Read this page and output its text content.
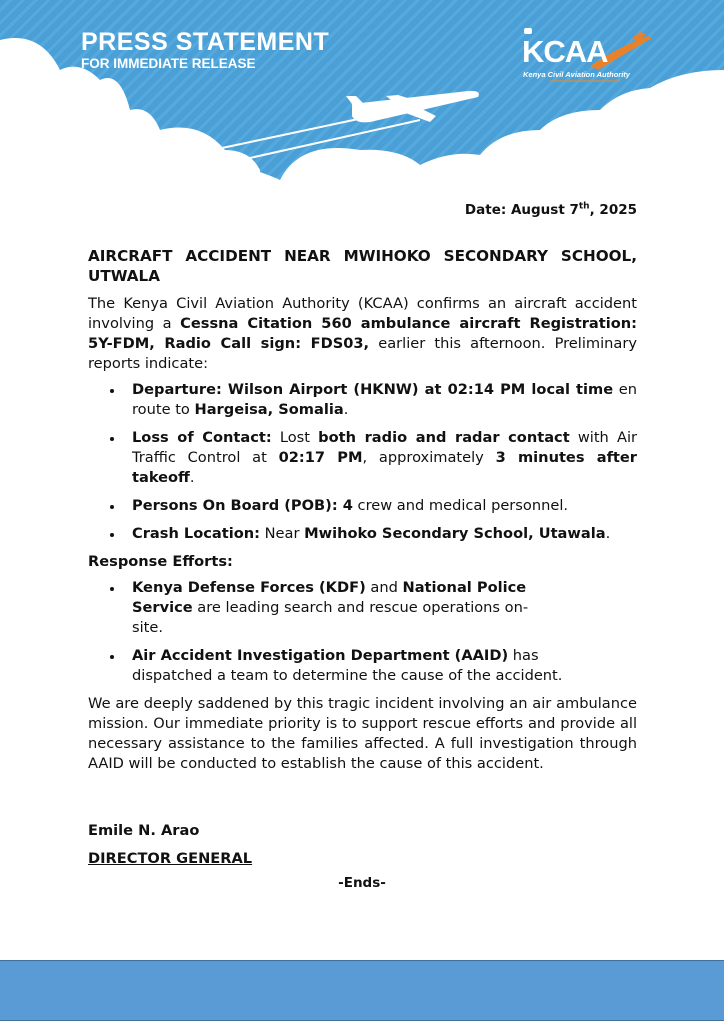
PRESS STATEMENT
FOR IMMEDIATE RELEASE	KCAA
Kenya Civil Aviation Authority
Date: August 7th, 2025

AIRCRAFT ACCIDENT NEAR MWIHOKO SECONDARY SCHOOL, UTWALA

The Kenya Civil Aviation Authority (KCAA) confirms an aircraft accident involving a Cessna Citation 560 ambulance aircraft Registration: 5Y-FDM, Radio Call sign: FDS03, earlier this afternoon. Preliminary reports indicate:

Departure: Wilson Airport (HKNW) at 02:14 PM local time en route to Hargeisa, Somalia.
Loss of Contact: Lost both radio and radar contact with Air Traffic Control at 02:17 PM, approximately 3 minutes after takeoff.
Persons On Board (POB): 4 crew and medical personnel.
Crash Location: Near Mwihoko Secondary School, Utawala.

Response Efforts:

Kenya Defense Forces (KDF) and National Police Service are leading search and rescue operations on-site.
Air Accident Investigation Department (AAID) has dispatched a team to determine the cause of the accident.

We are deeply saddened by this tragic incident involving an air ambulance mission. Our immediate priority is to support rescue efforts and provide all necessary assistance to the families affected. A full investigation through AAID will be conducted to establish the cause of this accident.

Emile N. Arao
DIRECTOR GENERAL
-Ends-
